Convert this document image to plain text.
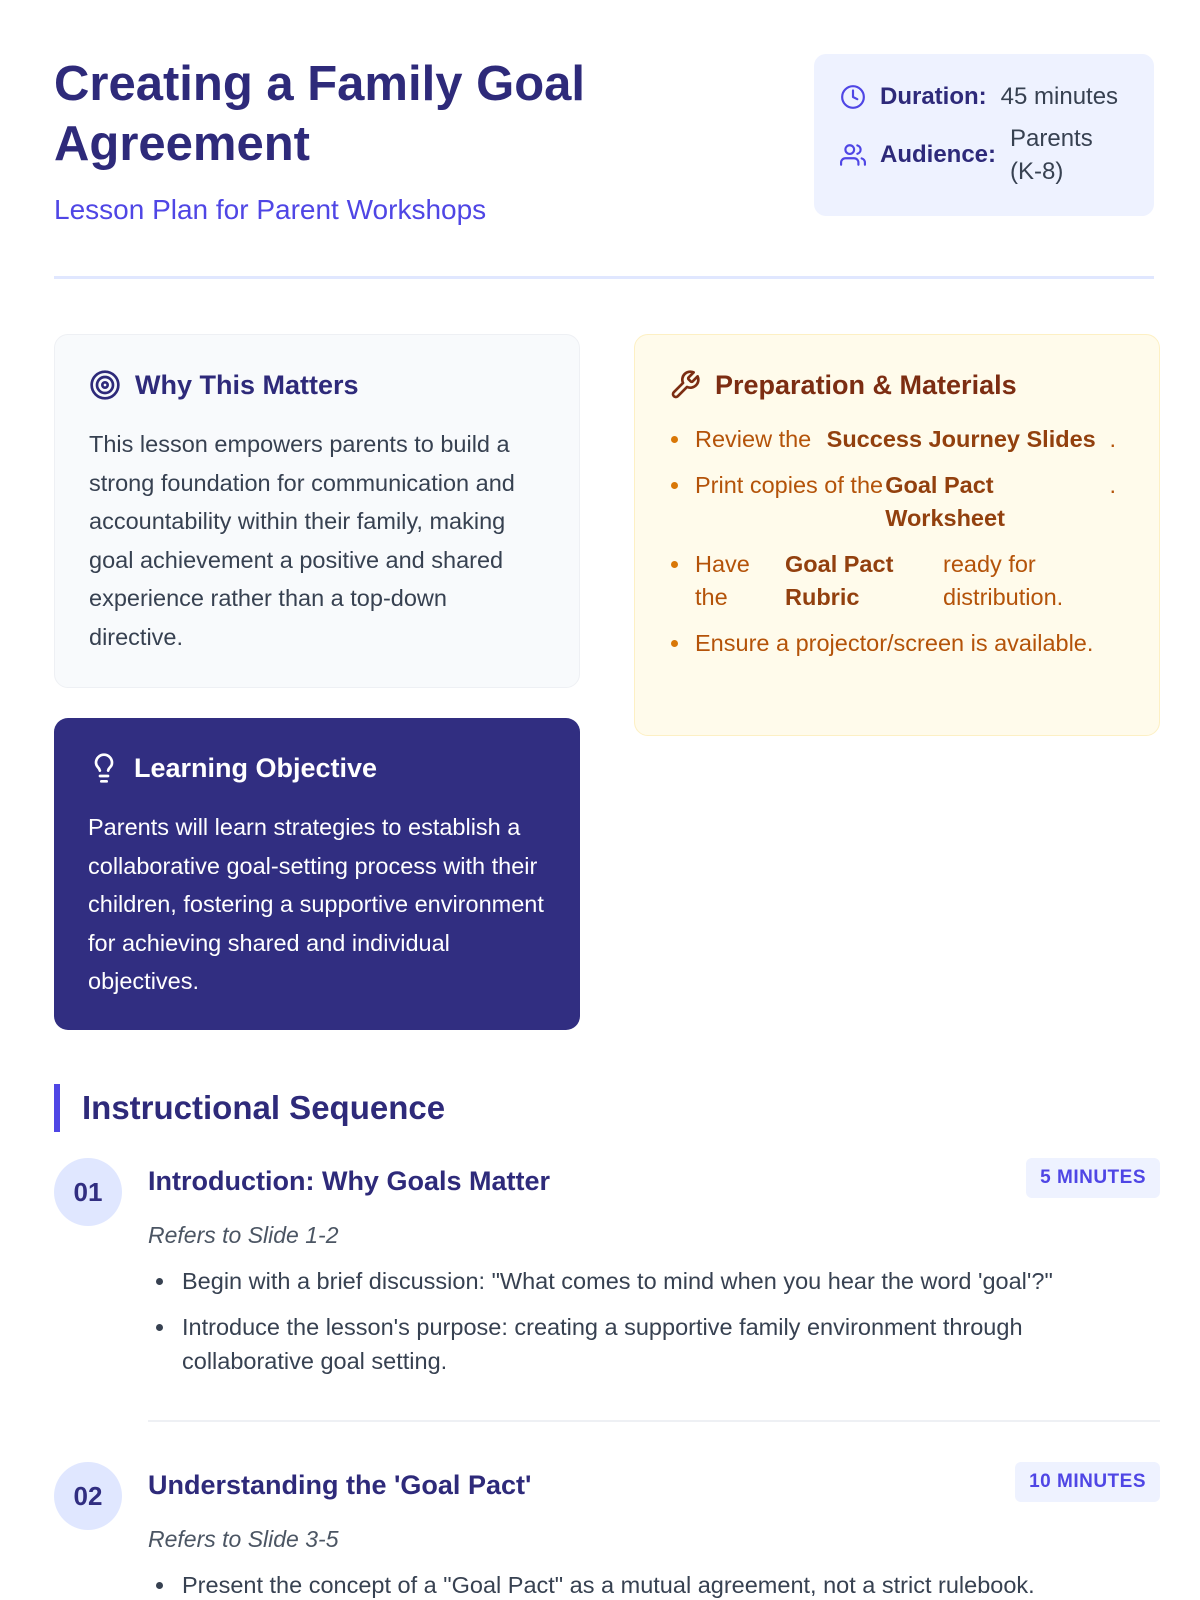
Creating a Family Goal Agreement
Lesson Plan for Parent Workshops
Duration: 45 minutes
Audience:
Parents (K-8)
Why This Matters

This lesson empowers parents to build a strong foundation for communication and accountability within their family, making goal achievement a positive and shared experience rather than a top-down directive.

Preparation & Materials
Review the Success Journey Slides .
Print copies of the Goal Pact Worksheet
.
Have the
Goal Pact Rubric
ready for distribution.
Ensure a projector/screen is available.
Learning Objective

Parents will learn strategies to establish a collaborative goal-setting process with their children, fostering a supportive environment for achieving shared and individual objectives.

Instructional Sequence
01	Introduction: Why Goals Matter	5 MINUTES
Refers to Slide 1-2
Begin with a brief discussion: "What comes to mind when you hear the word 'goal'?"
Introduce the lesson's purpose: creating a supportive family environment through collaborative goal setting.
02	Understanding the 'Goal Pact'	10 MINUTES
Refers to Slide 3-5
Present the concept of a "Goal Pact" as a mutual agreement, not a strict rulebook.
